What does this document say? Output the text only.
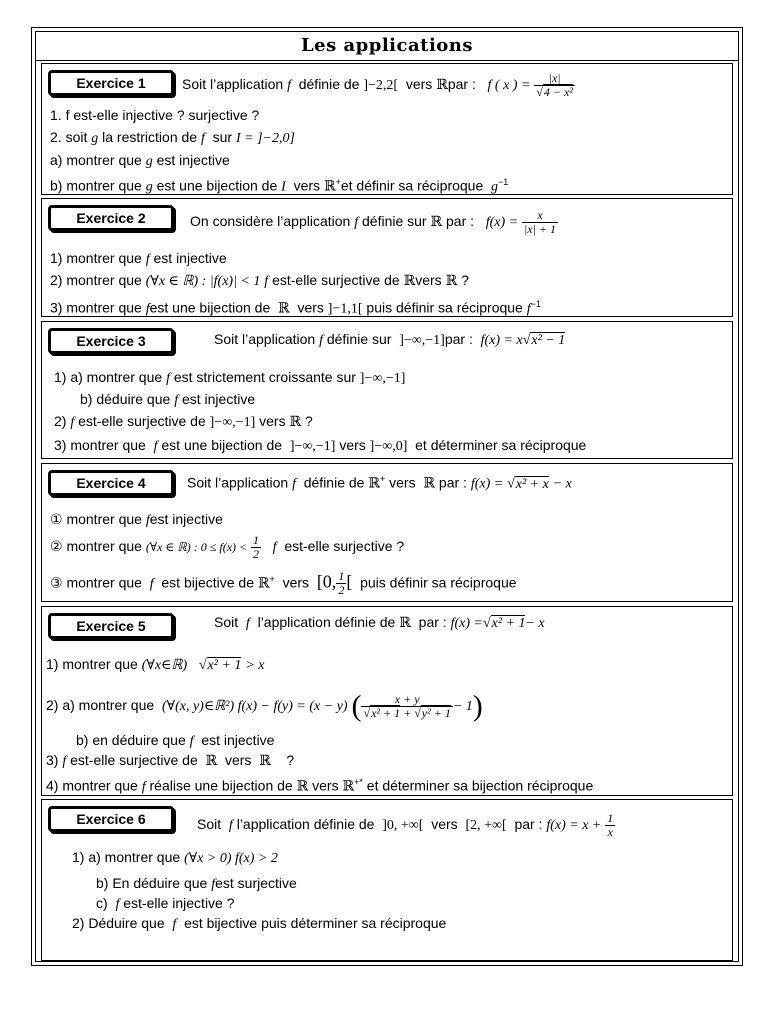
Les applications
Exercice 1	Soit l’application f définie de ]−2,2[ vers ℝpar : f ( x ) = $\frac{|x|}{\text{√4 − x²}}$
1. f est-elle injective ? surjective ?
2. soit g la restriction de f sur I = ]−2,0]
a) montrer que g est injective
b) montrer que g est une bijection de I vers ℝ+et définir sa réciproque $g^{-1}$
Exercice 2	On considère l’application f définie sur ℝ par : $f(x) = \frac{x}{|x| + 1}$
1) montrer que f est injective
2) montrer que (∀x ∈ ℝ) : |f(x)| < 1 f est-elle surjective de ℝvers ℝ ?
3) montrer que fest une bijection de ℝ vers ]−1,1[ puis définir sa réciproque $f^{-1}$
Exercice 3	Soit l’application f définie sur ]−∞,−1]par : f(x) = x√x² − 1
1) a) montrer que f est strictement croissante sur ]−∞,−1]
b) déduire que f est injective
2) f est-elle surjective de ]−∞,−1] vers ℝ ?
3) montrer que f est une bijection de ]−∞,−1] vers ]−∞,0] et déterminer sa réciproque
Exercice 4	Soit l’application f définie de ℝ+ vers ℝ par : f(x) = √x² + x − x
① montrer que fest injective
② montrer que (∀x ∈ ℝ) : $0 \le f(x) < \frac{1}{2}$ f est-elle surjective ?
③ montrer que f est bijective de ℝ+ vers [0, $\frac{1}{2}$ [ puis définir sa réciproque
Exercice 5	Soit f l’application définie de ℝ par : f(x) =√x² + 1− x
1) montrer que (∀x∈ℝ) √x² + 1 > x
2) a) montrer que (∀(x, y)∈ℝ²) f(x) − f(y) = (x − y) ( $\frac{x + y}{\text{√x² + 1 + √y² + 1}} - 1$)
b) en déduire que f est injective
3) f est-elle surjective de ℝ vers ℝ ?
4) montrer que f réalise une bijection de ℝ vers ℝ+* et déterminer sa bijection réciproque
Exercice 6	Soit f l’application définie de ]0, +∞[ vers [2, +∞[ par : $f(x) = x + \frac{1}{x}$
1) a) montrer que (∀x > 0) f(x) > 2
b) En déduire que fest surjective
c) f est-elle injective ?
2) Déduire que f est bijective puis déterminer sa réciproque
